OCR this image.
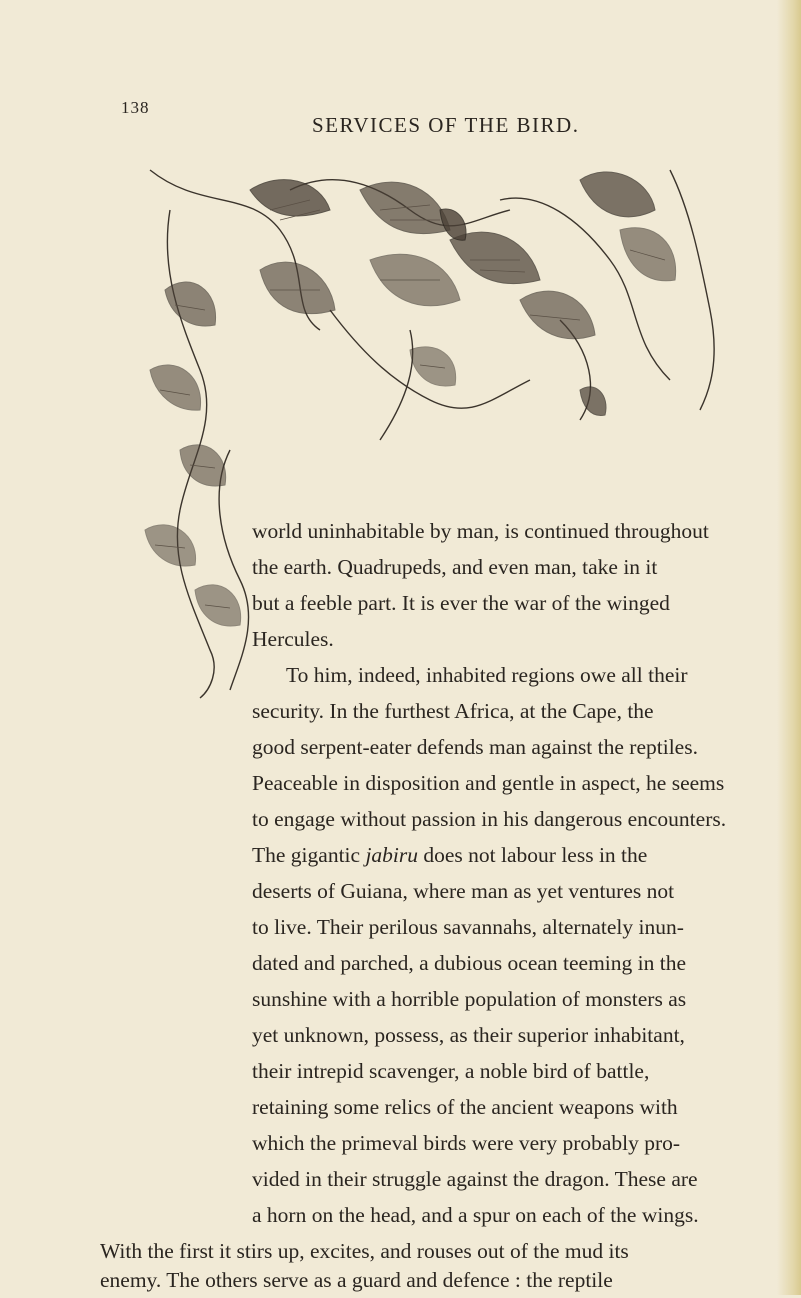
138
SERVICES OF THE BIRD.
world uninhabitable by man, is continued throughout
the earth. Quadrupeds, and even man, take in it
but a feeble part. It is ever the war of the winged
Hercules.
To him, indeed, inhabited regions owe all their
security. In the furthest Africa, at the Cape, the
good serpent-eater defends man against the reptiles.
Peaceable in disposition and gentle in aspect, he seems
to engage without passion in his dangerous encounters.
The gigantic jabiru does not labour less in the
deserts of Guiana, where man as yet ventures not
to live. Their perilous savannahs, alternately inun-
dated and parched, a dubious ocean teeming in the
sunshine with a horrible population of monsters as
yet unknown, possess, as their superior inhabitant,
their intrepid scavenger, a noble bird of battle,
retaining some relics of the ancient weapons with
which the primeval birds were very probably pro-
vided in their struggle against the dragon. These are
a horn on the head, and a spur on each of the wings.
With the first it stirs up, excites, and rouses out of the mud its
enemy. The others serve as a guard and defence : the reptile
